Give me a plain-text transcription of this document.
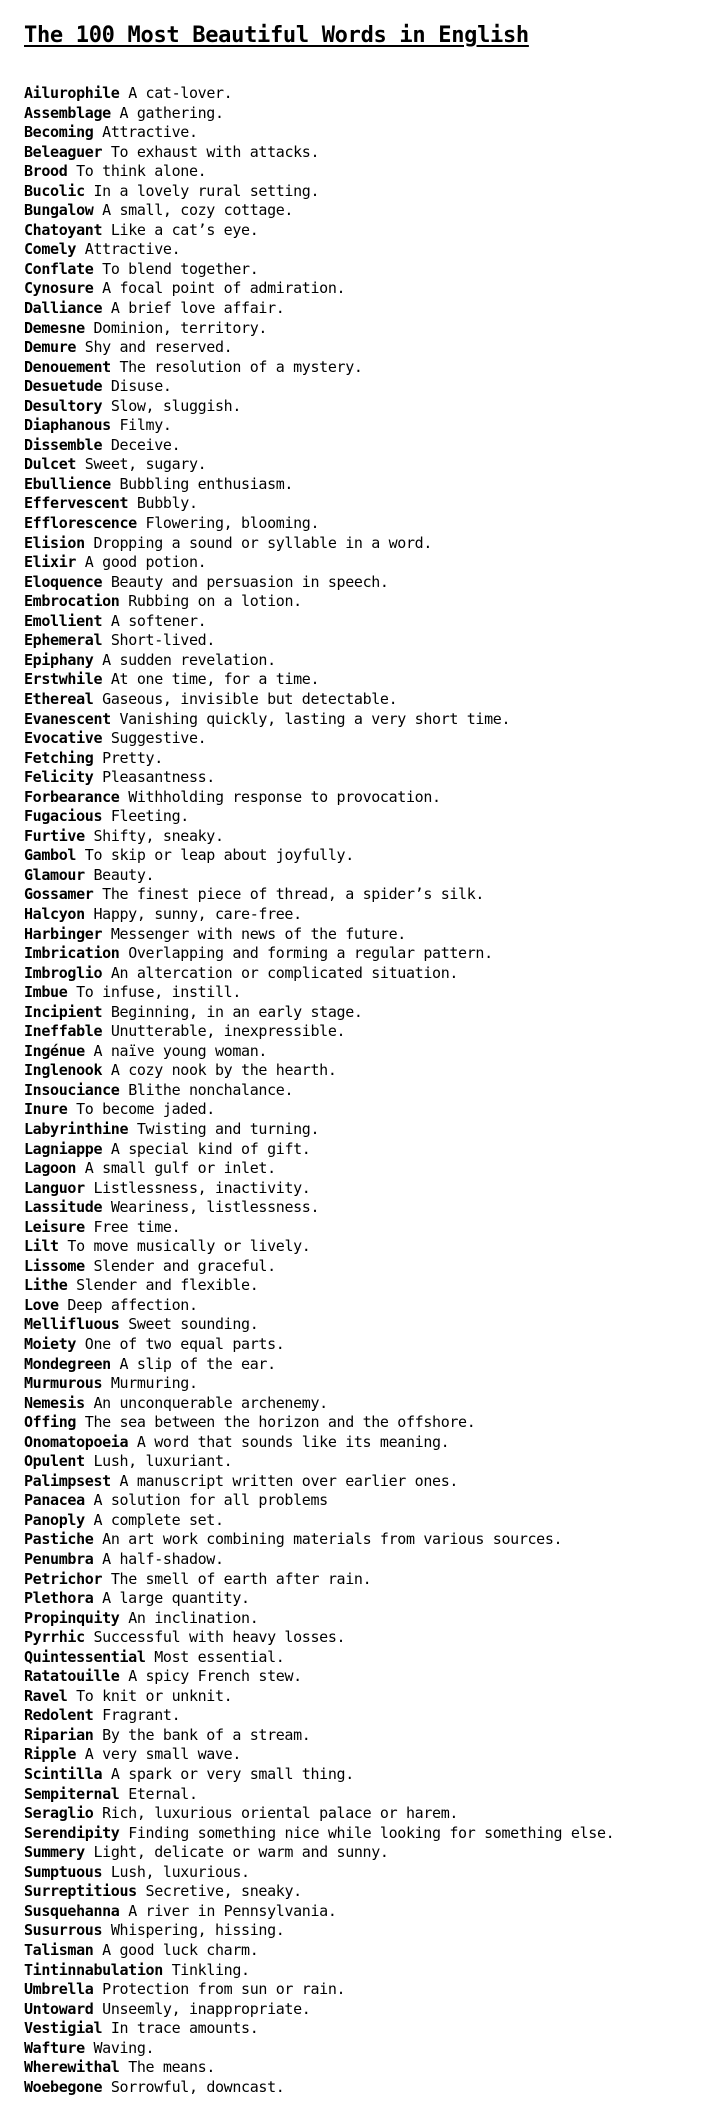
The 100 Most Beautiful Words in English
Ailurophile A cat-lover.
Assemblage A gathering.
Becoming Attractive.
Beleaguer To exhaust with attacks.
Brood To think alone.
Bucolic In a lovely rural setting.
Bungalow A small, cozy cottage.
Chatoyant Like a cat’s eye.
Comely Attractive.
Conflate To blend together.
Cynosure A focal point of admiration.
Dalliance A brief love affair.
Demesne Dominion, territory.
Demure Shy and reserved.
Denouement The resolution of a mystery.
Desuetude Disuse.
Desultory Slow, sluggish.
Diaphanous Filmy.
Dissemble Deceive.
Dulcet Sweet, sugary.
Ebullience Bubbling enthusiasm.
Effervescent Bubbly.
Efflorescence Flowering, blooming.
Elision Dropping a sound or syllable in a word.
Elixir A good potion.
Eloquence Beauty and persuasion in speech.
Embrocation Rubbing on a lotion.
Emollient A softener.
Ephemeral Short-lived.
Epiphany A sudden revelation.
Erstwhile At one time, for a time.
Ethereal Gaseous, invisible but detectable.
Evanescent Vanishing quickly, lasting a very short time.
Evocative Suggestive.
Fetching Pretty.
Felicity Pleasantness.
Forbearance Withholding response to provocation.
Fugacious Fleeting.
Furtive Shifty, sneaky.
Gambol To skip or leap about joyfully.
Glamour Beauty.
Gossamer The finest piece of thread, a spider’s silk.
Halcyon Happy, sunny, care-free.
Harbinger Messenger with news of the future.
Imbrication Overlapping and forming a regular pattern.
Imbroglio An altercation or complicated situation.
Imbue To infuse, instill.
Incipient Beginning, in an early stage.
Ineffable Unutterable, inexpressible.
Ingénue A naïve young woman.
Inglenook A cozy nook by the hearth.
Insouciance Blithe nonchalance.
Inure To become jaded.
Labyrinthine Twisting and turning.
Lagniappe A special kind of gift.
Lagoon A small gulf or inlet.
Languor Listlessness, inactivity.
Lassitude Weariness, listlessness.
Leisure Free time.
Lilt To move musically or lively.
Lissome Slender and graceful.
Lithe Slender and flexible.
Love Deep affection.
Mellifluous Sweet sounding.
Moiety One of two equal parts.
Mondegreen A slip of the ear.
Murmurous Murmuring.
Nemesis An unconquerable archenemy.
Offing The sea between the horizon and the offshore.
Onomatopoeia A word that sounds like its meaning.
Opulent Lush, luxuriant.
Palimpsest A manuscript written over earlier ones.
Panacea A solution for all problems
Panoply A complete set.
Pastiche An art work combining materials from various sources.
Penumbra A half-shadow.
Petrichor The smell of earth after rain.
Plethora A large quantity.
Propinquity An inclination.
Pyrrhic Successful with heavy losses.
Quintessential Most essential.
Ratatouille A spicy French stew.
Ravel To knit or unknit.
Redolent Fragrant.
Riparian By the bank of a stream.
Ripple A very small wave.
Scintilla A spark or very small thing.
Sempiternal Eternal.
Seraglio Rich, luxurious oriental palace or harem.
Serendipity Finding something nice while looking for something else.
Summery Light, delicate or warm and sunny.
Sumptuous Lush, luxurious.
Surreptitious Secretive, sneaky.
Susquehanna A river in Pennsylvania.
Susurrous Whispering, hissing.
Talisman A good luck charm.
Tintinnabulation Tinkling.
Umbrella Protection from sun or rain.
Untoward Unseemly, inappropriate.
Vestigial In trace amounts.
Wafture Waving.
Wherewithal The means.
Woebegone Sorrowful, downcast.
